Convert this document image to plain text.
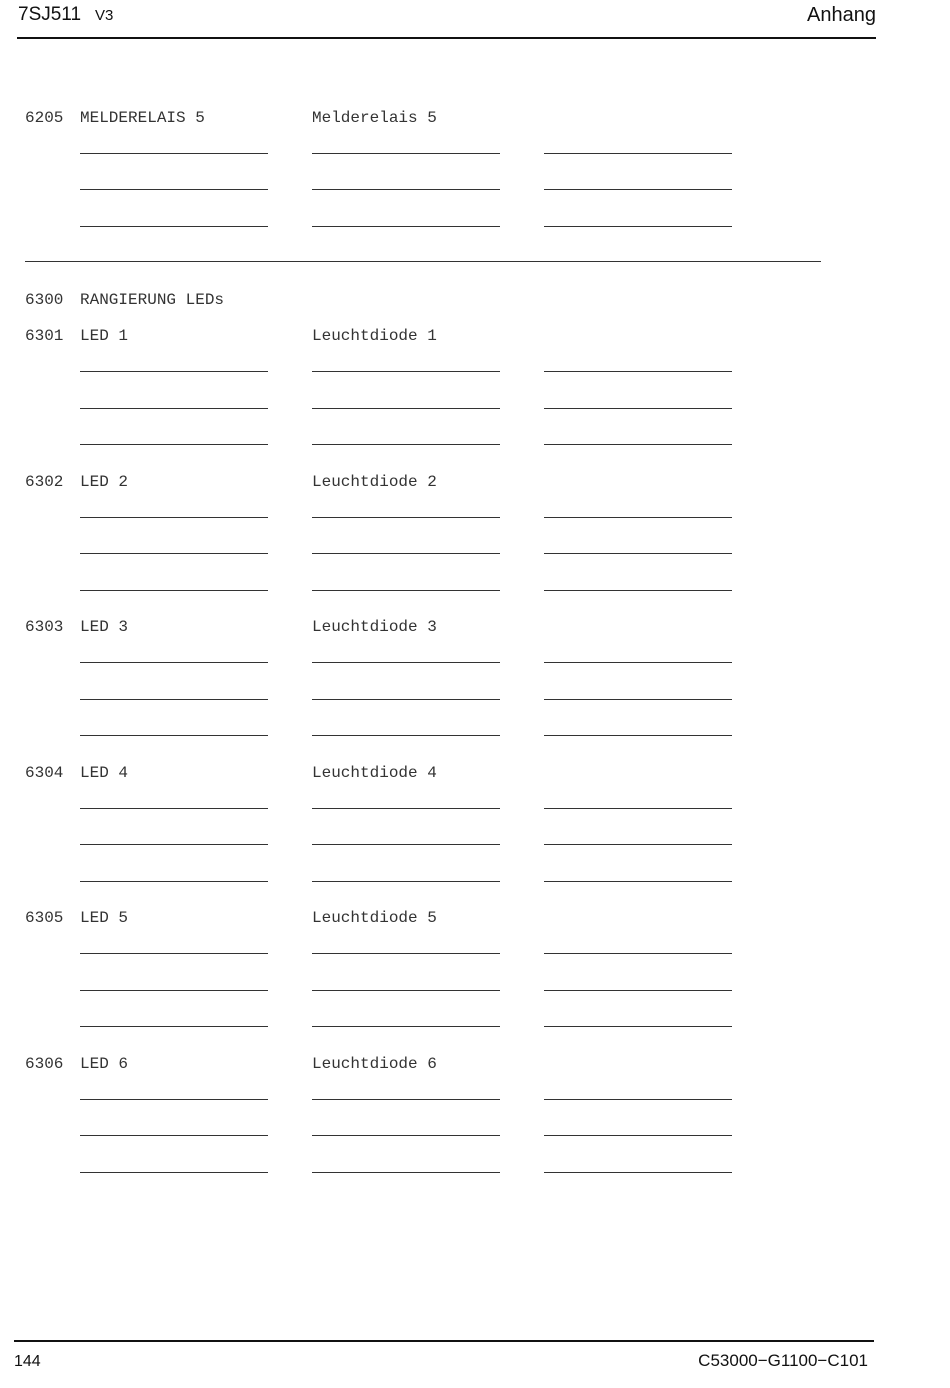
7SJ511 V3	Anhang
6205 MELDERELAIS 5	Melderelais 5
6300 RANGIERUNG LEDs
6301 LED 1	Leuchtdiode 1
6302 LED 2	Leuchtdiode 2
6303 LED 3	Leuchtdiode 3
6304 LED 4	Leuchtdiode 4
6305 LED 5	Leuchtdiode 5
6306 LED 6	Leuchtdiode 6
144	C53000−G1100−C101
